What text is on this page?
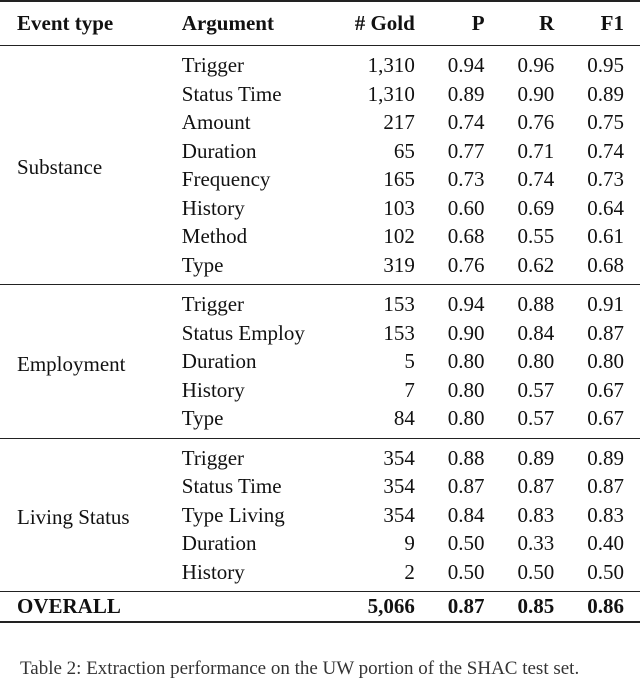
Event type	Argument	# Gold	P	R	F1
Substance	Trigger	1,310	0.94	0.96	0.95
	Status Time	1,310	0.89	0.90	0.89
	Amount	217	0.74	0.76	0.75
	Duration	65	0.77	0.71	0.74
	Frequency	165	0.73	0.74	0.73
	History	103	0.60	0.69	0.64
	Method	102	0.68	0.55	0.61
	Type	319	0.76	0.62	0.68
Employment	Trigger	153	0.94	0.88	0.91
	Status Employ	153	0.90	0.84	0.87
	Duration	5	0.80	0.80	0.80
	History	7	0.80	0.57	0.67
	Type	84	0.80	0.57	0.67
Living Status	Trigger	354	0.88	0.89	0.89
	Status Time	354	0.87	0.87	0.87
	Type Living	354	0.84	0.83	0.83
	Duration	9	0.50	0.33	0.40
	History	2	0.50	0.50	0.50
OVERALL		5,066	0.87	0.85	0.86
Table 2: Extraction performance on the UW portion of the SHAC test set.
